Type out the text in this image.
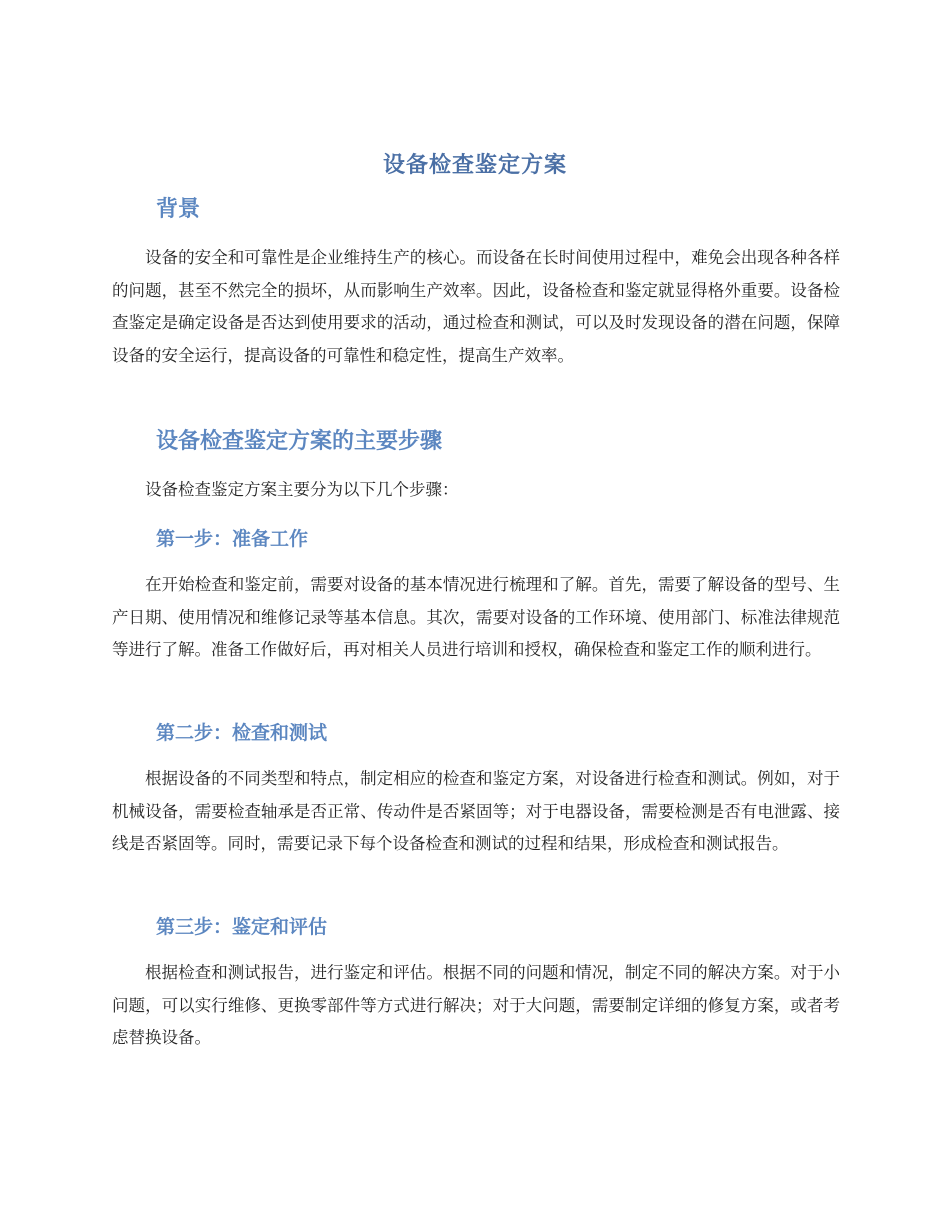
设备检查鉴定方案
背景

设备的安全和可靠性是企业维持生产的核心。而设备在长时间使用过程中，难免会出现各种各样的问题，甚至不然完全的损坏，从而影响生产效率。因此，设备检查和鉴定就显得格外重要。设备检查鉴定是确定设备是否达到使用要求的活动，通过检查和测试，可以及时发现设备的潜在问题，保障设备的安全运行，提高设备的可靠性和稳定性，提高生产效率。

设备检查鉴定方案的主要步骤

设备检查鉴定方案主要分为以下几个步骤：

第一步：准备工作

在开始检查和鉴定前，需要对设备的基本情况进行梳理和了解。首先，需要了解设备的型号、生产日期、使用情况和维修记录等基本信息。其次，需要对设备的工作环境、使用部门、标准法律规范等进行了解。准备工作做好后，再对相关人员进行培训和授权，确保检查和鉴定工作的顺利进行。

第二步：检查和测试

根据设备的不同类型和特点，制定相应的检查和鉴定方案，对设备进行检查和测试。例如，对于机械设备，需要检查轴承是否正常、传动件是否紧固等；对于电器设备，需要检测是否有电泄露、接线是否紧固等。同时，需要记录下每个设备检查和测试的过程和结果，形成检查和测试报告。

第三步：鉴定和评估

根据检查和测试报告，进行鉴定和评估。根据不同的问题和情况，制定不同的解决方案。对于小问题，可以实行维修、更换零部件等方式进行解决；对于大问题，需要制定详细的修复方案，或者考虑替换设备。
